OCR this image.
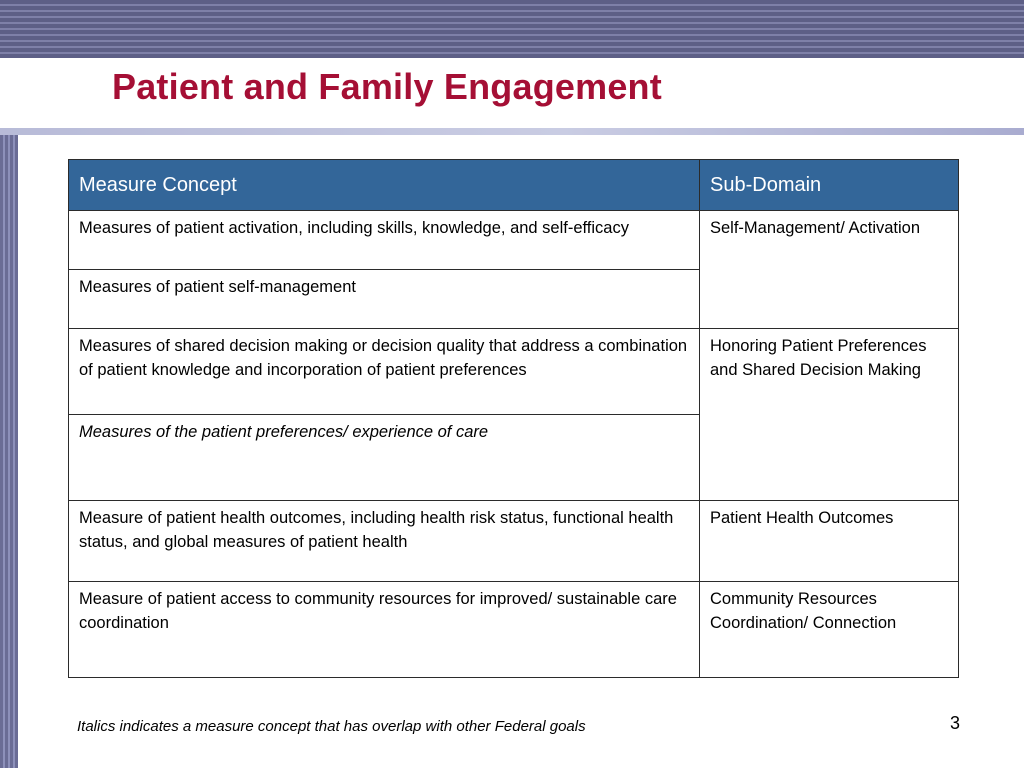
Patient and Family Engagement
Measure Concept	Sub-Domain
Measures of patient activation, including skills, knowledge, and self-efficacy	Self-Management/ Activation
Measures of patient self-management	
Measures of shared decision making or decision quality that address a combination of patient knowledge and incorporation of patient preferences	Honoring Patient Preferences and Shared Decision Making
Measures of the patient preferences/ experience of care	
Measure of patient health outcomes, including health risk status, functional health status, and global measures of patient health	Patient Health Outcomes
Measure of patient access to community resources for improved/ sustainable care coordination	Community Resources Coordination/ Connection
Italics indicates a measure concept that has overlap with other Federal goals	3
